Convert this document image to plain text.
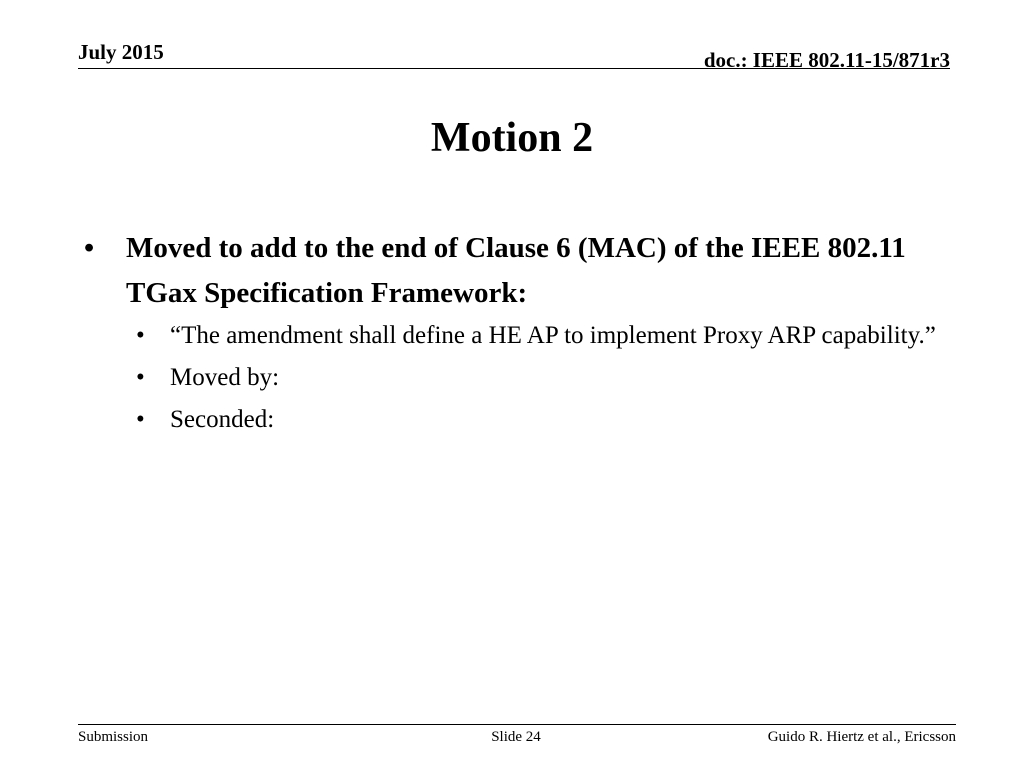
July 2015	doc.: IEEE 802.11-15/871r3
Motion 2
•	Moved to add to the end of Clause 6 (MAC) of the IEEE 802.11 TGax Specification Framework:
•	“The amendment shall define a HE AP to implement Proxy ARP capability.”
•	Moved by:
•	Seconded:
Submission	Slide 24	Guido R. Hiertz et al., Ericsson
